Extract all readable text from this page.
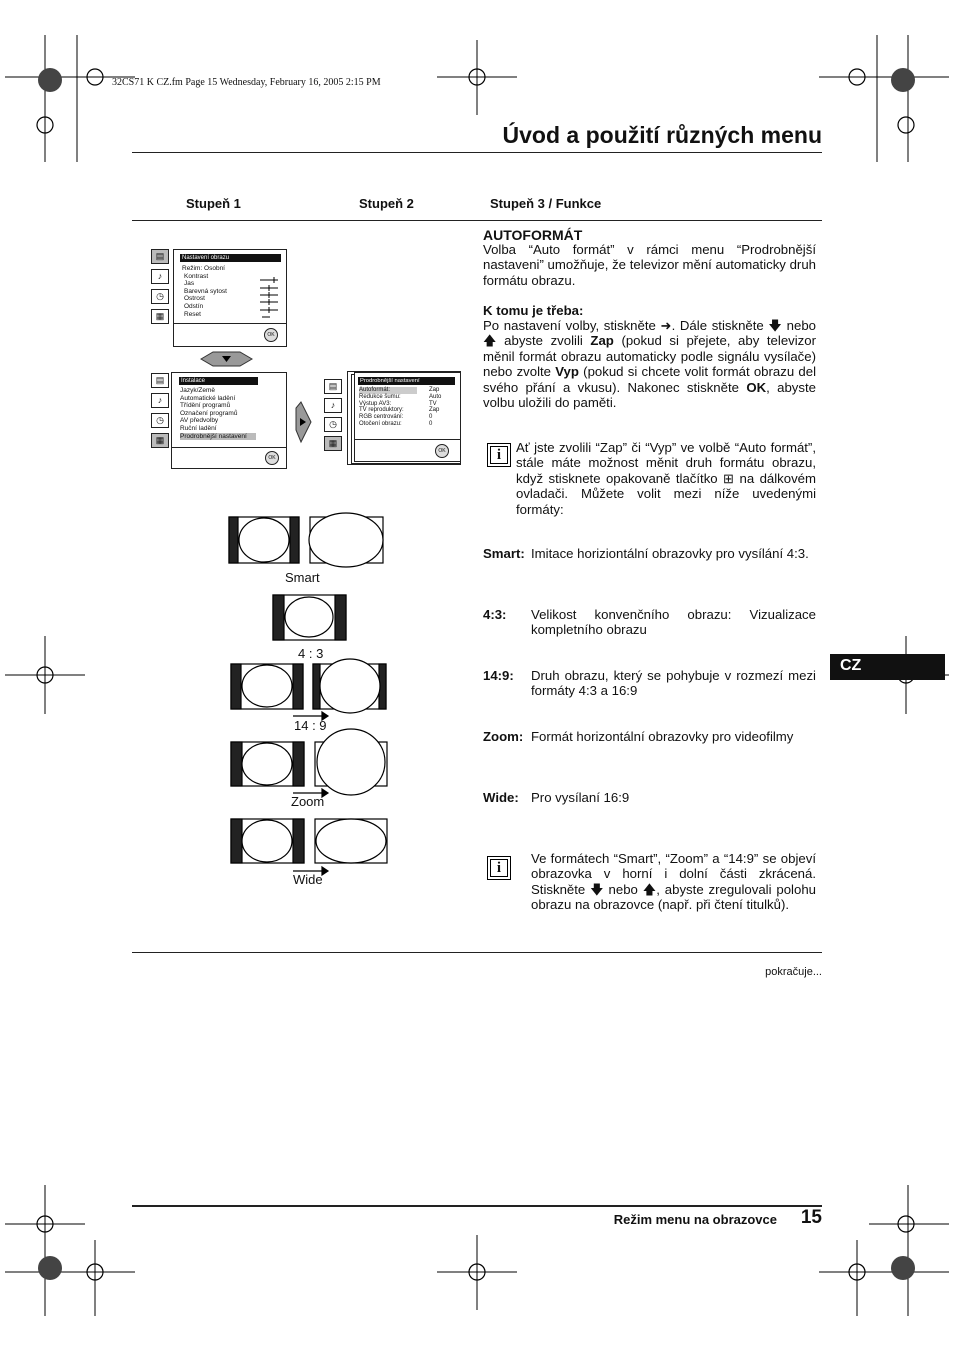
32CS71 K CZ.fm Page 15 Wednesday, February 16, 2005 2:15 PM
Úvod a použití různých menu
Stupeň 1	Stupeň 2	Stupeň 3 / Funkce
▤
♪
◷
▦
Nastavení obrazu
Režim: Osobní
Kontrast
Jas
Barevná sytost
Ostrost
Odstín
Reset
OK
▤
♪
◷
▦
Instalace
Jazyk/Země
Automatické ladění
Třídění programů
Označení programů
AV předvolby
Ruční ladění
Prodrobnější nastavení
OK
▤
♪
◷
▦
Prodrobnější nastavení
Autoformát:	Zap
Redukce šumu:	Auto
Výstup AV3:	TV
TV reproduktory:	Zap
RGB centrování:	0
Otočení obrazu:	0
OK
Smart
4 : 3
14 : 9
Zoom
Wide
AUTOFORMÁT
Volba “Auto formát” v rámci menu “Prodrobnější nastaveni” umožňuje, že televizor mění automaticky druh formátu obrazu.
K tomu je třeba:
Po nastavení volby, stiskněte ➜. Dále stiskněte 🡇 nebo 🡅 abyste zvolili Zap (pokud si přejete, aby televizor měnil formát obrazu automaticky podle signálu vysílače) nebo zvolte Vyp (pokud si chcete volit formát obrazu del svého přání a vkusu). Nakonec stiskněte OK, abyste volbu uložili do paměti.
i	Ať jste zvolili “Zap” či “Vyp” ve volbě “Auto formát”, stále máte možnost měnit druh formátu obrazu, když stisknete opakovaně tlačítko ⊞ na dálkovém ovladači. Můžete volit mezi níže uvedenými formáty:
Smart: Imitace horiziontální obrazovky pro vysílání 4:3.
4:3: Velikost konvenčního obrazu: Vizualizace kompletního obrazu
14:9: Druh obrazu, který se pohybuje v rozmezí mezi formáty 4:3 a 16:9
Zoom: Formát horizontální obrazovky pro videofilmy
Wide: Pro vysílaní 16:9
i
Ve formátech “Smart”, “Zoom” a “14:9” se objeví obrazovka v horní i dolní části zkrácená. Stiskněte 🡇 nebo 🡅, abyste zregulovali polohu obrazu na obrazovce (např. při čtení titulků).
pokračuje...
CZ
Režim menu na obrazovce 15
